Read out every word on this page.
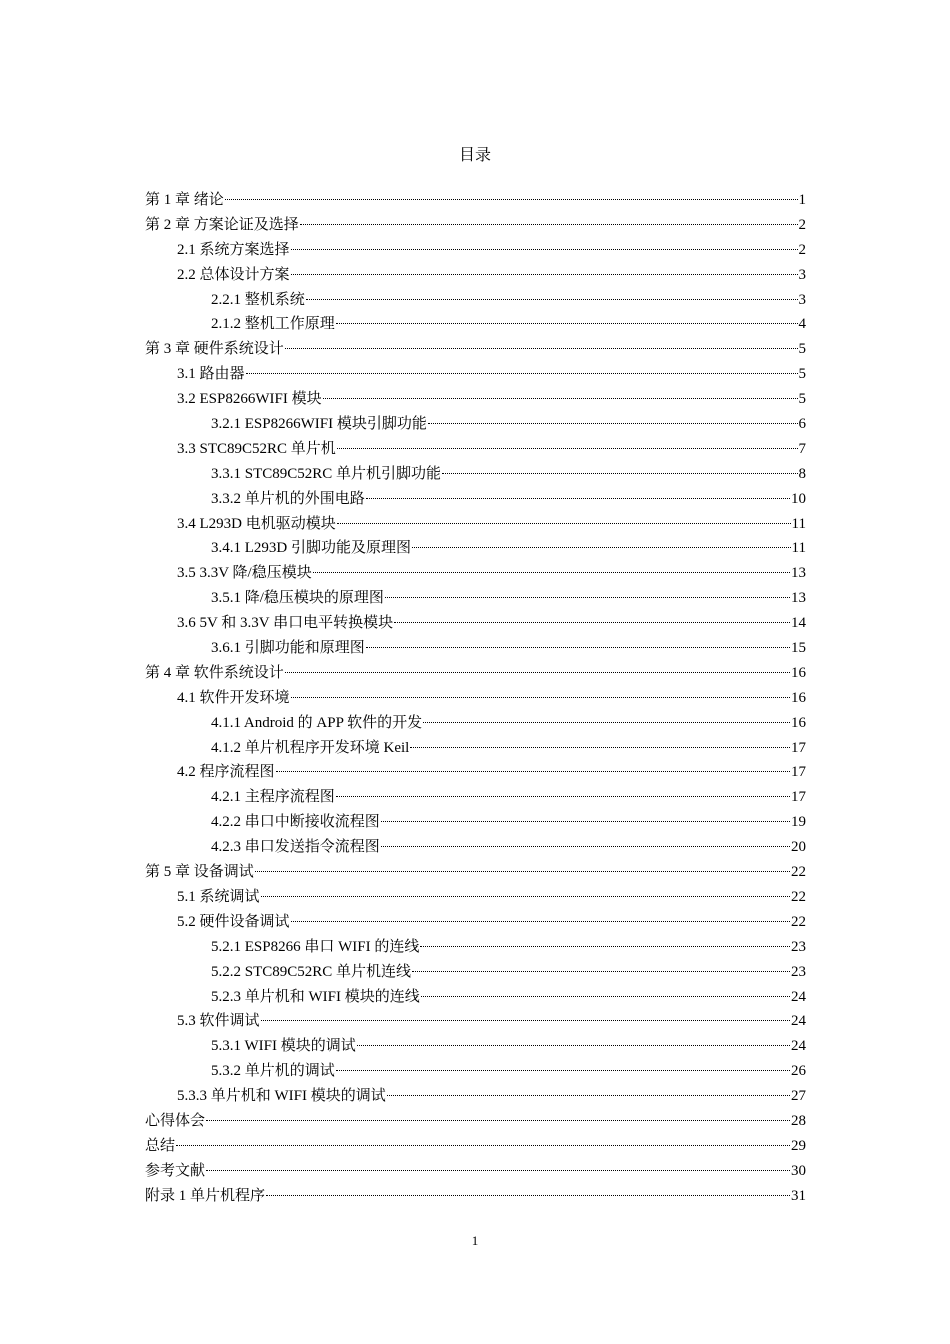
目录
第 1 章 绪论	1
第 2 章 方案论证及选择	2
2.1 系统方案选择	2
2.2 总体设计方案	3
2.2.1 整机系统	3
2.1.2 整机工作原理	4
第 3 章 硬件系统设计	5
3.1 路由器	5
3.2 ESP8266WIFI 模块	5
3.2.1 ESP8266WIFI 模块引脚功能	6
3.3 STC89C52RC 单片机	7
3.3.1 STC89C52RC 单片机引脚功能	8
3.3.2 单片机的外围电路	10
3.4 L293D 电机驱动模块	11
3.4.1 L293D 引脚功能及原理图	11
3.5 3.3V 降/稳压模块	13
3.5.1 降/稳压模块的原理图	13
3.6 5V 和 3.3V 串口电平转换模块	14
3.6.1 引脚功能和原理图	15
第 4 章 软件系统设计	16
4.1 软件开发环境	16
4.1.1 Android 的 APP 软件的开发	16
4.1.2 单片机程序开发环境 Keil	17
4.2 程序流程图	17
4.2.1 主程序流程图	17
4.2.2 串口中断接收流程图	19
4.2.3 串口发送指令流程图	20
第 5 章 设备调试	22
5.1 系统调试	22
5.2 硬件设备调试	22
5.2.1 ESP8266 串口 WIFI 的连线	23
5.2.2 STC89C52RC 单片机连线	23
5.2.3 单片机和 WIFI 模块的连线	24
5.3 软件调试	24
5.3.1 WIFI 模块的调试	24
5.3.2 单片机的调试	26
5.3.3 单片机和 WIFI 模块的调试	27
心得体会	28
总结	29
参考文献	30
附录 1 单片机程序	31
1
